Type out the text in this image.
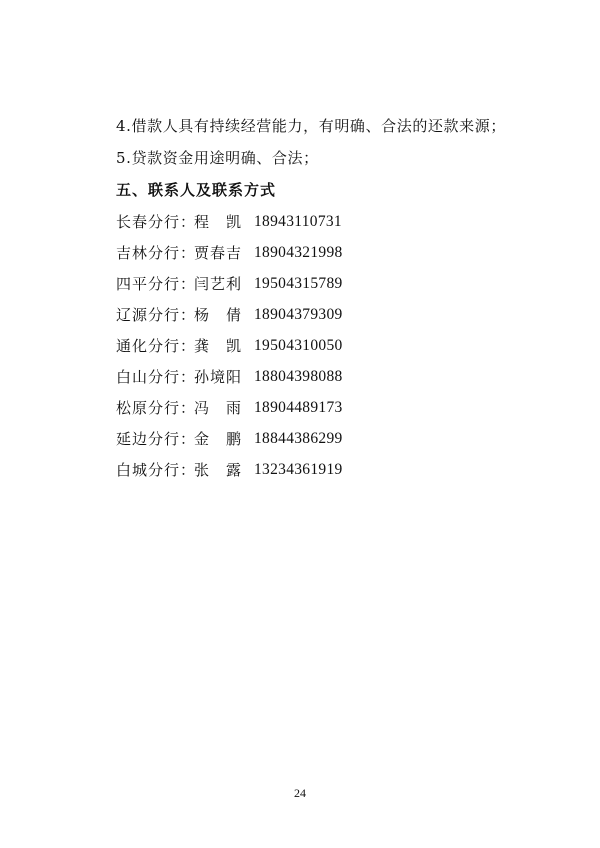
4.借款人具有持续经营能力，有明确、合法的还款来源；
5.贷款资金用途明确、合法；
五、联系人及联系方式
长春分行：
程　凯 18943110731
吉林分行：
贾春吉 18904321998
四平分行：
闫艺利 19504315789
辽源分行：
杨　倩 18904379309
通化分行：
龚　凯 19504310050
白山分行：
孙境阳 18804398088
松原分行：
冯　雨 18904489173
延边分行：
金　鹏 18844386299
白城分行：
张　露 13234361919
24
